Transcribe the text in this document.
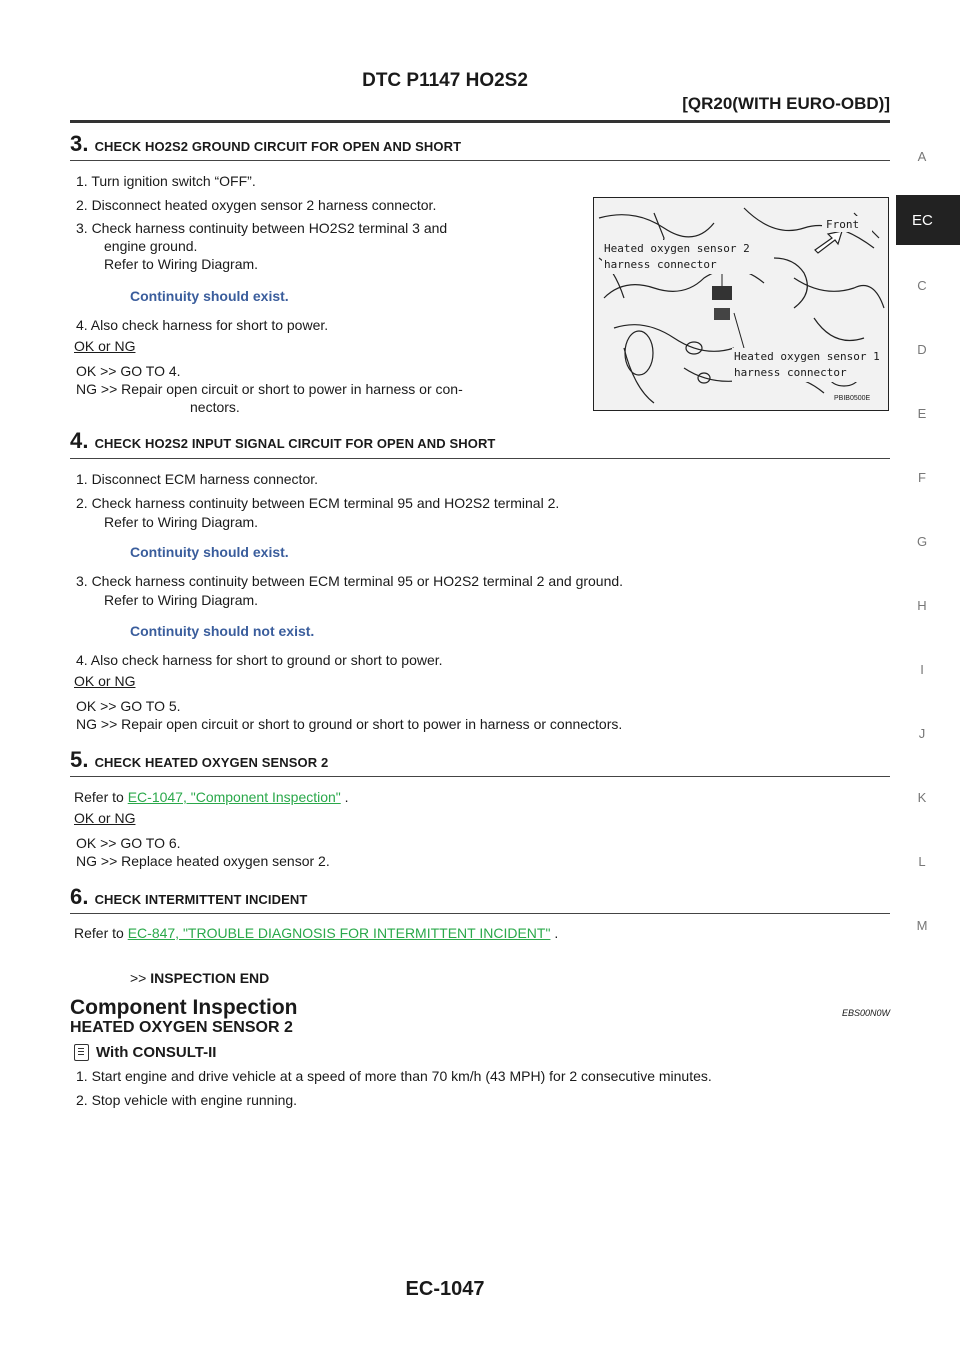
DTC P1147 HO2S2
[QR20(WITH EURO-OBD)]
A
EC
C
D
E
F
G
H
I
J
K
L
M
3. CHECK HO2S2 GROUND CIRCUIT FOR OPEN AND SHORT
1. Turn ignition switch “OFF”.
2. Disconnect heated oxygen sensor 2 harness connector.
3. Check harness continuity between HO2S2 terminal 3 and
engine ground.
Refer to Wiring Diagram.
Continuity should exist.
4. Also check harness for short to power.
OK or NG
OK >> GO TO 4.
NG >> Repair open circuit or short to power in harness or con-
nectors.
Heated oxygen sensor 2
harness connector
Front
Heated oxygen sensor 1
harness connector
PBIB0500E
4. CHECK HO2S2 INPUT SIGNAL CIRCUIT FOR OPEN AND SHORT
1. Disconnect ECM harness connector.
2. Check harness continuity between ECM terminal 95 and HO2S2 terminal 2.
Refer to Wiring Diagram.
Continuity should exist.
3. Check harness continuity between ECM terminal 95 or HO2S2 terminal 2 and ground.
Refer to Wiring Diagram.
Continuity should not exist.
4. Also check harness for short to ground or short to power.
OK or NG
OK >> GO TO 5.
NG >> Repair open circuit or short to ground or short to power in harness or connectors.
5. CHECK HEATED OXYGEN SENSOR 2
Refer to EC-1047, "Component Inspection" .
OK or NG
OK >> GO TO 6.
NG >> Replace heated oxygen sensor 2.
6. CHECK INTERMITTENT INCIDENT
Refer to EC-847, "TROUBLE DIAGNOSIS FOR INTERMITTENT INCIDENT" .
>> INSPECTION END
Component Inspection	EBS00N0W
HEATED OXYGEN SENSOR 2
With CONSULT-II
1. Start engine and drive vehicle at a speed of more than 70 km/h (43 MPH) for 2 consecutive minutes.
2. Stop vehicle with engine running.
EC-1047
